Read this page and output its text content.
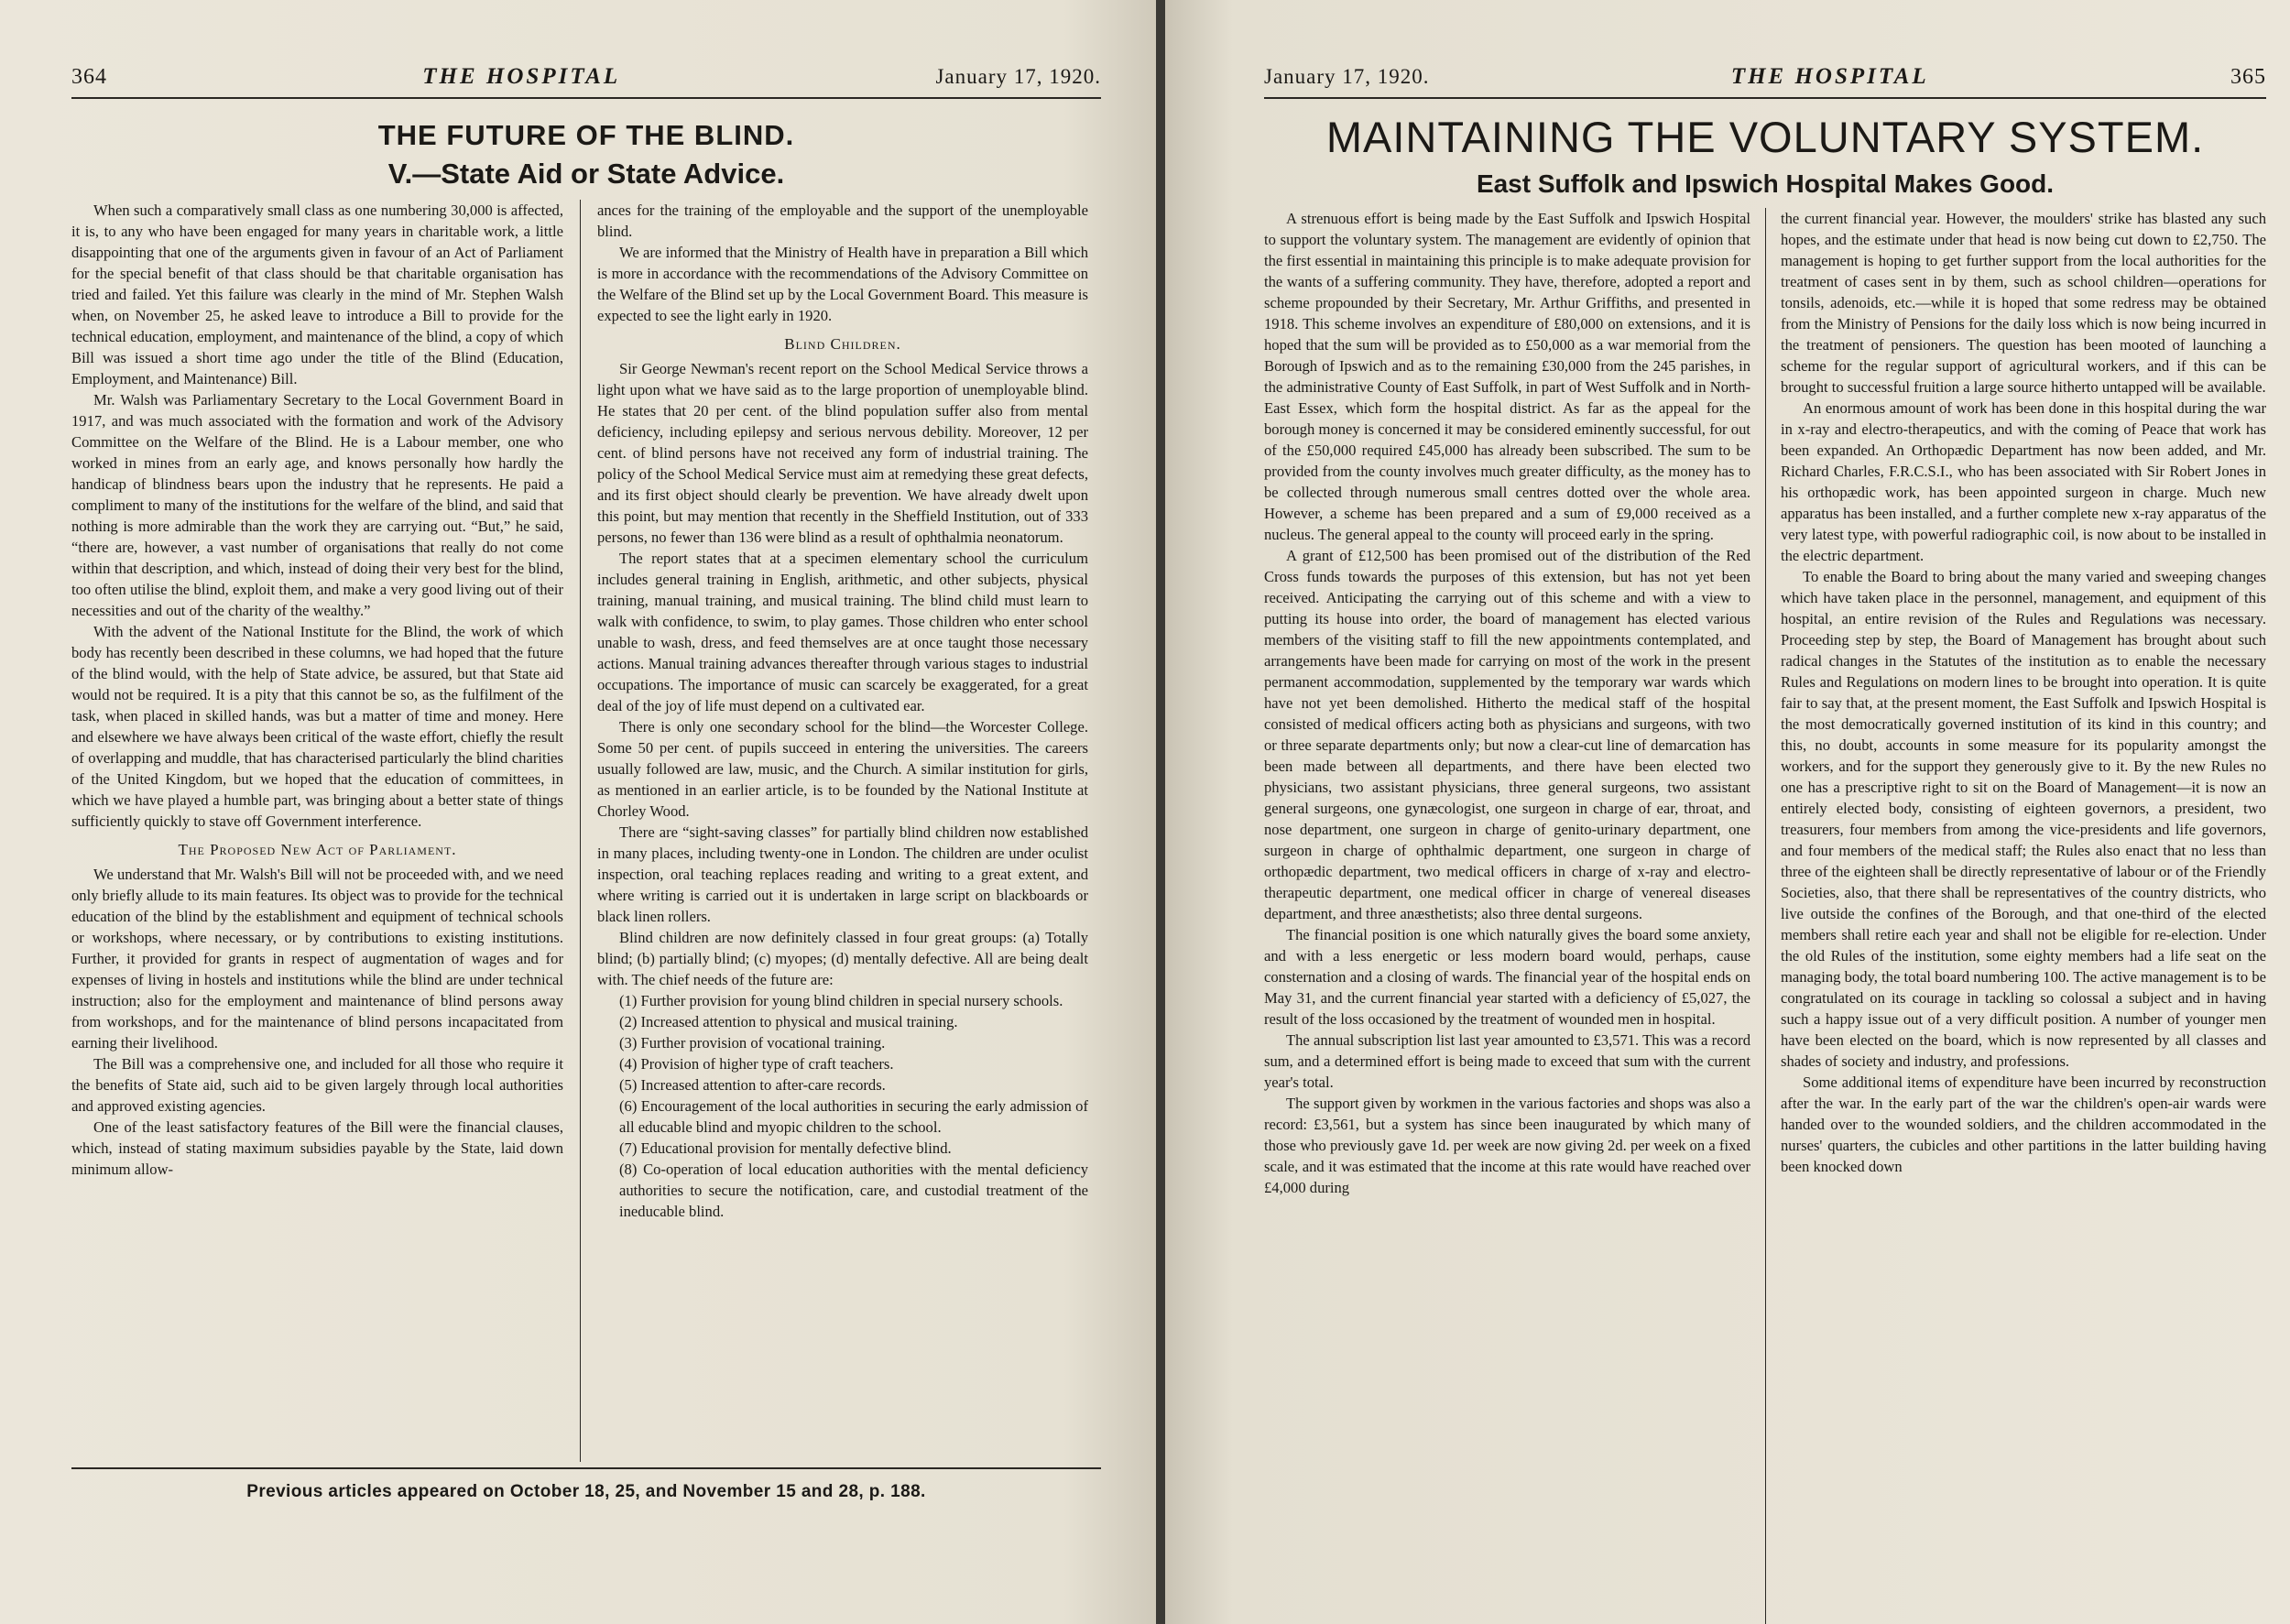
364	THE HOSPITAL	January 17, 1920.
THE FUTURE OF THE BLIND.
V.—State Aid or State Advice.

When such a comparatively small class as one numbering 30,000 is affected, it is, to any who have been engaged for many years in charitable work, a little disappointing that one of the arguments given in favour of an Act of Parliament for the special benefit of that class should be that charitable organisation has tried and failed. Yet this failure was clearly in the mind of Mr. Stephen Walsh when, on November 25, he asked leave to introduce a Bill to provide for the technical education, employment, and maintenance of the blind, a copy of which Bill was issued a short time ago under the title of the Blind (Education, Employment, and Maintenance) Bill.

Mr. Walsh was Parliamentary Secretary to the Local Government Board in 1917, and was much associated with the formation and work of the Advisory Committee on the Welfare of the Blind. He is a Labour member, one who worked in mines from an early age, and knows personally how hardly the handicap of blindness bears upon the industry that he represents. He paid a compliment to many of the institutions for the welfare of the blind, and said that nothing is more admirable than the work they are carrying out. “But,” he said, “there are, however, a vast number of organisations that really do not come within that description, and which, instead of doing their very best for the blind, too often utilise the blind, exploit them, and make a very good living out of their necessities and out of the charity of the wealthy.”

With the advent of the National Institute for the Blind, the work of which body has recently been described in these columns, we had hoped that the future of the blind would, with the help of State advice, be assured, but that State aid would not be required. It is a pity that this cannot be so, as the fulfilment of the task, when placed in skilled hands, was but a matter of time and money. Here and elsewhere we have always been critical of the waste effort, chiefly the result of overlapping and muddle, that has characterised particularly the blind charities of the United Kingdom, but we hoped that the education of committees, in which we have played a humble part, was bringing about a better state of things sufficiently quickly to stave off Government interference.

The Proposed New Act of Parliament.

We understand that Mr. Walsh's Bill will not be proceeded with, and we need only briefly allude to its main features. Its object was to provide for the technical education of the blind by the establishment and equipment of technical schools or workshops, where necessary, or by contributions to existing institutions. Further, it provided for grants in respect of augmentation of wages and for expenses of living in hostels and institutions while the blind are under technical instruction; also for the employment and maintenance of blind persons away from workshops, and for the maintenance of blind persons incapacitated from earning their livelihood.

The Bill was a comprehensive one, and included for all those who require it the benefits of State aid, such aid to be given largely through local authorities and approved existing agencies.

One of the least satisfactory features of the Bill were the financial clauses, which, instead of stating maximum subsidies payable by the State, laid down minimum allow-

ances for the training of the employable and the support of the unemployable blind.

We are informed that the Ministry of Health have in preparation a Bill which is more in accordance with the recommendations of the Advisory Committee on the Welfare of the Blind set up by the Local Government Board. This measure is expected to see the light early in 1920.

Blind Children.

Sir George Newman's recent report on the School Medical Service throws a light upon what we have said as to the large proportion of unemployable blind. He states that 20 per cent. of the blind population suffer also from mental deficiency, including epilepsy and serious nervous debility. Moreover, 12 per cent. of blind persons have not received any form of industrial training. The policy of the School Medical Service must aim at remedying these great defects, and its first object should clearly be prevention. We have already dwelt upon this point, but may mention that recently in the Sheffield Institution, out of 333 persons, no fewer than 136 were blind as a result of ophthalmia neonatorum.

The report states that at a specimen elementary school the curriculum includes general training in English, arithmetic, and other subjects, physical training, manual training, and musical training. The blind child must learn to walk with confidence, to swim, to play games. Those children who enter school unable to wash, dress, and feed themselves are at once taught those necessary actions. Manual training advances thereafter through various stages to industrial occupations. The importance of music can scarcely be exaggerated, for a great deal of the joy of life must depend on a cultivated ear.

There is only one secondary school for the blind—the Worcester College. Some 50 per cent. of pupils succeed in entering the universities. The careers usually followed are law, music, and the Church. A similar institution for girls, as mentioned in an earlier article, is to be founded by the National Institute at Chorley Wood.

There are “sight-saving classes” for partially blind children now established in many places, including twenty-one in London. The children are under oculist inspection, oral teaching replaces reading and writing to a great extent, and where writing is carried out it is undertaken in large script on blackboards or black linen rollers.

Blind children are now definitely classed in four great groups: (a) Totally blind; (b) partially blind; (c) myopes; (d) mentally defective. All are being dealt with. The chief needs of the future are:

(1) Further provision for young blind children in special nursery schools.

(2) Increased attention to physical and musical training.

(3) Further provision of vocational training.

(4) Provision of higher type of craft teachers.

(5) Increased attention to after-care records.

(6) Encouragement of the local authorities in securing the early admission of all educable blind and myopic children to the school.

(7) Educational provision for mentally defective blind.

(8) Co-operation of local education authorities with the mental deficiency authorities to secure the notification, care, and custodial treatment of the ineducable blind.

Previous articles appeared on October 18, 25, and November 15 and 28, p. 188.
January 17, 1920.	THE HOSPITAL	365
MAINTAINING THE VOLUNTARY SYSTEM.
East Suffolk and Ipswich Hospital Makes Good.

A strenuous effort is being made by the East Suffolk and Ipswich Hospital to support the voluntary system. The management are evidently of opinion that the first essential in maintaining this principle is to make adequate provision for the wants of a suffering community. They have, therefore, adopted a report and scheme propounded by their Secretary, Mr. Arthur Griffiths, and presented in 1918. This scheme involves an expenditure of £80,000 on extensions, and it is hoped that the sum will be provided as to £50,000 as a war memorial from the Borough of Ipswich and as to the remaining £30,000 from the 245 parishes, in the administrative County of East Suffolk, in part of West Suffolk and in North-East Essex, which form the hospital district. As far as the appeal for the borough money is concerned it may be considered eminently successful, for out of the £50,000 required £45,000 has already been subscribed. The sum to be provided from the county involves much greater difficulty, as the money has to be collected through numerous small centres dotted over the whole area. However, a scheme has been prepared and a sum of £9,000 received as a nucleus. The general appeal to the county will proceed early in the spring.

A grant of £12,500 has been promised out of the distribution of the Red Cross funds towards the purposes of this extension, but has not yet been received. Anticipating the carrying out of this scheme and with a view to putting its house into order, the board of management has elected various members of the visiting staff to fill the new appointments contemplated, and arrangements have been made for carrying on most of the work in the present permanent accommodation, supplemented by the temporary war wards which have not yet been demolished. Hitherto the medical staff of the hospital consisted of medical officers acting both as physicians and surgeons, with two or three separate departments only; but now a clear-cut line of demarcation has been made between all departments, and there have been elected two physicians, two assistant physicians, three general surgeons, two assistant general surgeons, one gynæcologist, one surgeon in charge of ear, throat, and nose department, one surgeon in charge of genito-urinary department, one surgeon in charge of ophthalmic department, one surgeon in charge of orthopædic department, two medical officers in charge of x-ray and electro-therapeutic department, one medical officer in charge of venereal diseases department, and three anæsthetists; also three dental surgeons.

The financial position is one which naturally gives the board some anxiety, and with a less energetic or less modern board would, perhaps, cause consternation and a closing of wards. The financial year of the hospital ends on May 31, and the current financial year started with a deficiency of £5,027, the result of the loss occasioned by the treatment of wounded men in hospital.

The annual subscription list last year amounted to £3,571. This was a record sum, and a determined effort is being made to exceed that sum with the current year's total.

The support given by workmen in the various factories and shops was also a record: £3,561, but a system has since been inaugurated by which many of those who previously gave 1d. per week are now giving 2d. per week on a fixed scale, and it was estimated that the income at this rate would have reached over £4,000 during

the current financial year. However, the moulders' strike has blasted any such hopes, and the estimate under that head is now being cut down to £2,750. The management is hoping to get further support from the local authorities for the treatment of cases sent in by them, such as school children—operations for tonsils, adenoids, etc.—while it is hoped that some redress may be obtained from the Ministry of Pensions for the daily loss which is now being incurred in the treatment of pensioners. The question has been mooted of launching a scheme for the regular support of agricultural workers, and if this can be brought to successful fruition a large source hitherto untapped will be available.

An enormous amount of work has been done in this hospital during the war in x-ray and electro-therapeutics, and with the coming of Peace that work has been expanded. An Orthopædic Department has now been added, and Mr. Richard Charles, F.R.C.S.I., who has been associated with Sir Robert Jones in his orthopædic work, has been appointed surgeon in charge. Much new apparatus has been installed, and a further complete new x-ray apparatus of the very latest type, with powerful radiographic coil, is now about to be installed in the electric department.

To enable the Board to bring about the many varied and sweeping changes which have taken place in the personnel, management, and equipment of this hospital, an entire revision of the Rules and Regulations was necessary. Proceeding step by step, the Board of Management has brought about such radical changes in the Statutes of the institution as to enable the necessary Rules and Regulations on modern lines to be brought into operation. It is quite fair to say that, at the present moment, the East Suffolk and Ipswich Hospital is the most democratically governed institution of its kind in this country; and this, no doubt, accounts in some measure for its popularity amongst the workers, and for the support they generously give to it. By the new Rules no one has a prescriptive right to sit on the Board of Management—it is now an entirely elected body, consisting of eighteen governors, a president, two treasurers, four members from among the vice-presidents and life governors, and four members of the medical staff; the Rules also enact that no less than three of the eighteen shall be directly representative of labour or of the Friendly Societies, also, that there shall be representatives of the country districts, who live outside the confines of the Borough, and that one-third of the elected members shall retire each year and shall not be eligible for re-election. Under the old Rules of the institution, some eighty members had a life seat on the managing body, the total board numbering 100. The active management is to be congratulated on its courage in tackling so colossal a subject and in having such a happy issue out of a very difficult position. A number of younger men have been elected on the board, which is now represented by all classes and shades of society and industry, and professions.

Some additional items of expenditure have been incurred by reconstruction after the war. In the early part of the war the children's open-air wards were handed over to the wounded soldiers, and the children accommodated in the nurses' quarters, the cubicles and other partitions in the latter building having been knocked down
